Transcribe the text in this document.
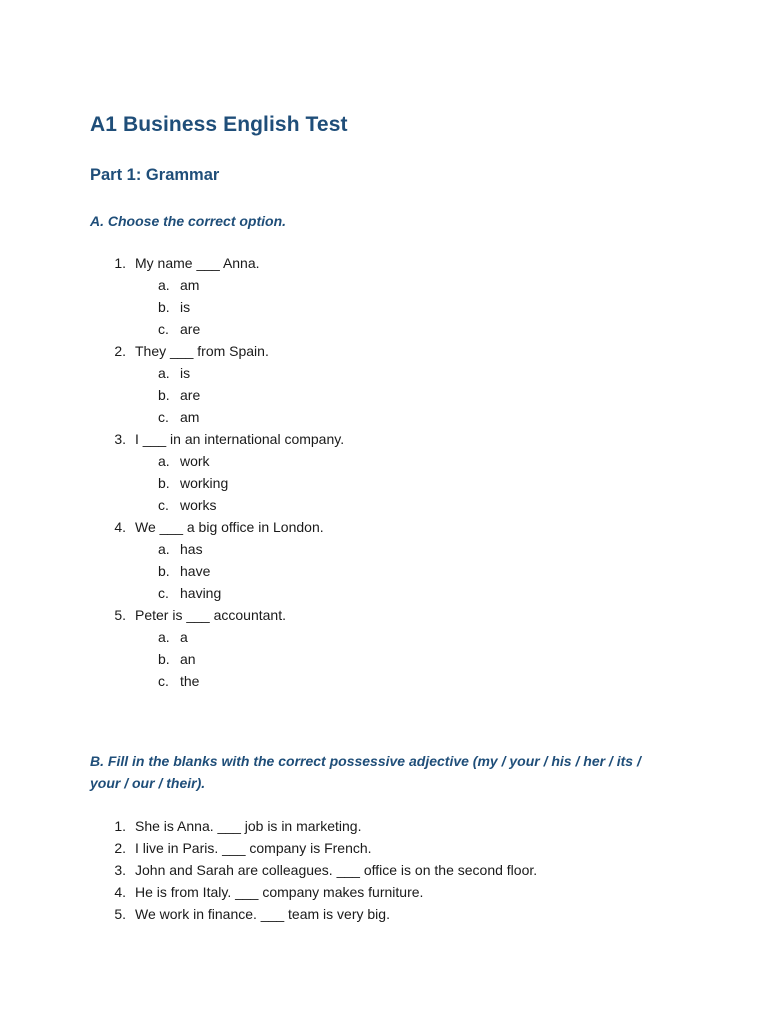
A1 Business English Test
Part 1: Grammar

A. Choose the correct option.

1. My name ___ Anna.
a. am
b. is
c. are
2. They ___ from Spain.
a. is
b. are
c. am
3. I ___ in an international company.
a. work
b. working
c. works
4. We ___ a big office in London.
a. has
b. have
c. having
5. Peter is ___ accountant.
a. a
b. an
c. the

B. Fill in the blanks with the correct possessive adjective (my / your / his / her / its / your / our / their).

1. She is Anna. ___ job is in marketing.
2. I live in Paris. ___ company is French.
3. John and Sarah are colleagues. ___ office is on the second floor.
4. He is from Italy. ___ company makes furniture.
5. We work in finance. ___ team is very big.
